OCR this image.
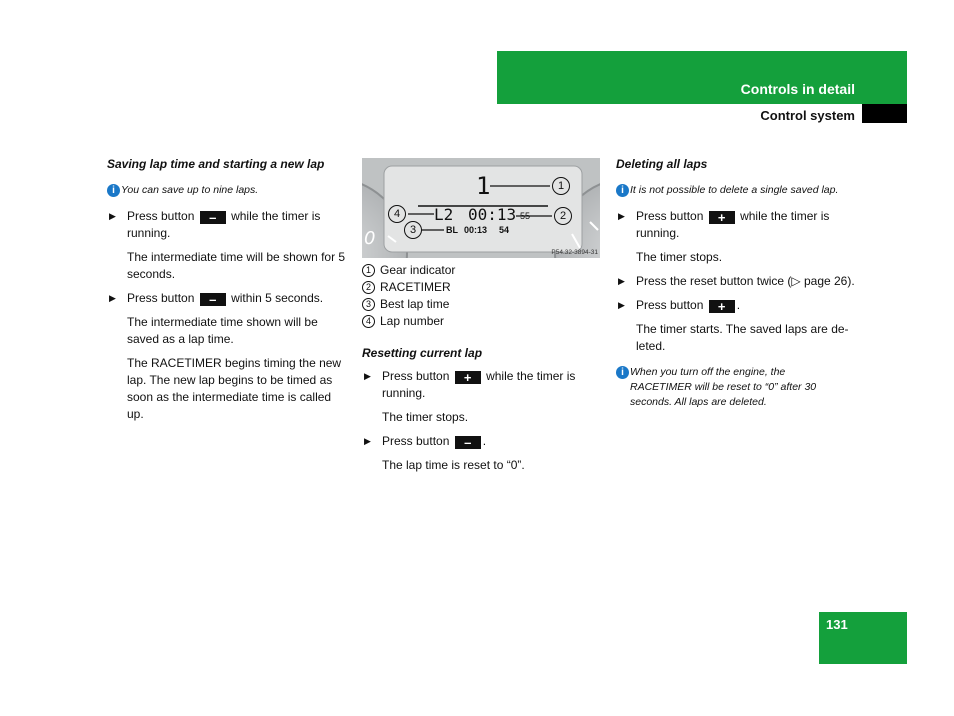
Controls in detail
Control system
Saving lap time and starting a new lap
i You can save up to nine laps.
▶ Press button – while the timer is running.
The intermediate time will be shown for 5 seconds.
▶ Press button – within 5 seconds.
The intermediate time shown will be saved as a lap time.
The RACETIMER begins timing the new lap. The new lap begins to be timed as soon as the intermediate time is called up.
0
1
L2 00:13 55
BL 00:13 54
1
2
3
4
P54.32-3894-31
1 Gear indicator
2 RACETIMER
3 Best lap time
4 Lap number
Resetting current lap
▶ Press button + while the timer is running.
The timer stops.
▶ Press button – .
The lap time is reset to “0”.
Deleting all laps
i It is not possible to delete a single saved lap.
▶ Press button + while the timer is running.
The timer stops.
▶ Press the reset button twice (▷ page 26).
▶ Press button + .
The timer starts. The saved laps are de-leted.
i When you turn off the engine, the RACETIMER will be reset to “0” after 30 seconds. All laps are deleted.
131
